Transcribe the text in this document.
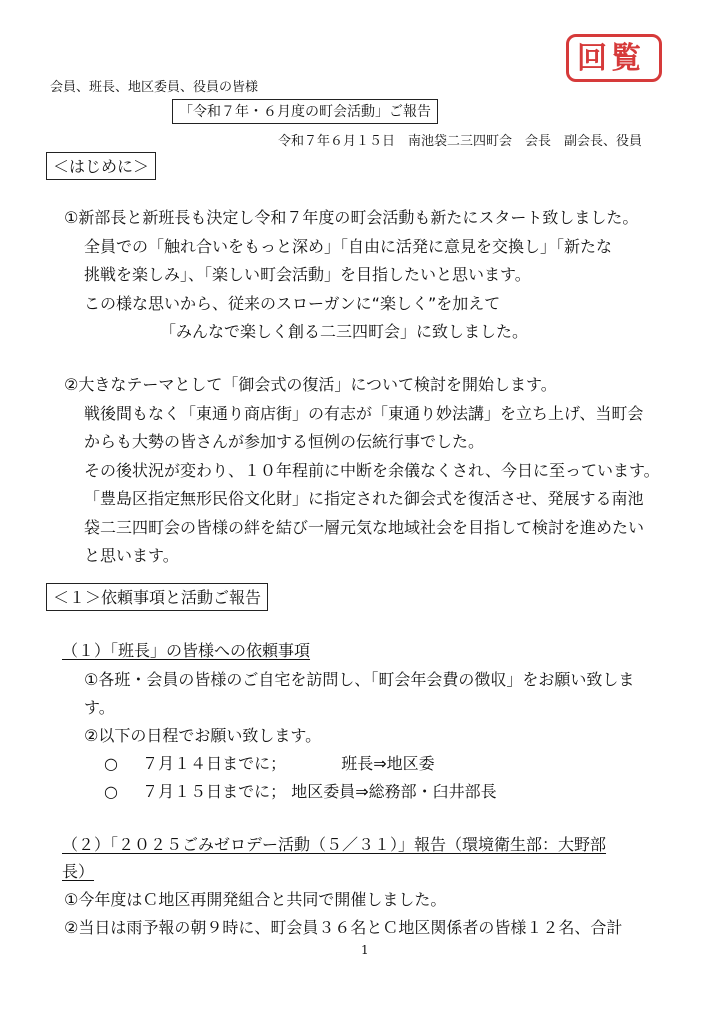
回覧
会員、班長、地区委員、役員の皆様
「令和７年・６月度の町会活動」ご報告
令和７年６月１５日　南池袋二三四町会　会長　副会長、役員
＜はじめに＞
①新部長と新班長も決定し令和７年度の町会活動も新たにスタート致しました。
全員での「触れ合いをもっと深め」「自由に活発に意見を交換し」「新たな
挑戦を楽しみ」、「楽しい町会活動」を目指したいと思います。
この様な思いから、従来のスローガンに“楽しく”を加えて
「みんなで楽しく創る二三四町会」に致しました。
②大きなテーマとして「御会式の復活」について検討を開始します。
戦後間もなく「東通り商店街」の有志が「東通り妙法講」を立ち上げ、当町会
からも大勢の皆さんが参加する恒例の伝統行事でした。
その後状況が変わり、１０年程前に中断を余儀なくされ、今日に至っています。
「豊島区指定無形民俗文化財」に指定された御会式を復活させ、発展する南池
袋二三四町会の皆様の絆を結び一層元気な地域社会を目指して検討を進めたい
と思います。
＜１＞依頼事項と活動ご報告
（１）「班長」の皆様への依頼事項
①各班・会員の皆様のご自宅を訪問し、「町会年会費の徴収」をお願い致しま
す。
②以下の日程でお願い致します。
○ ７月１４日までに；	班長⇒地区委
○ ７月１５日までに； 地区委員⇒総務部・臼井部長
（２）「２０２５ごみゼロデー活動（５／３１）」報告（環境衛生部：大野部
長）
①今年度はＣ地区再開発組合と共同で開催しました。
②当日は雨予報の朝９時に、町会員３６名とＣ地区関係者の皆様１２名、合計
1
